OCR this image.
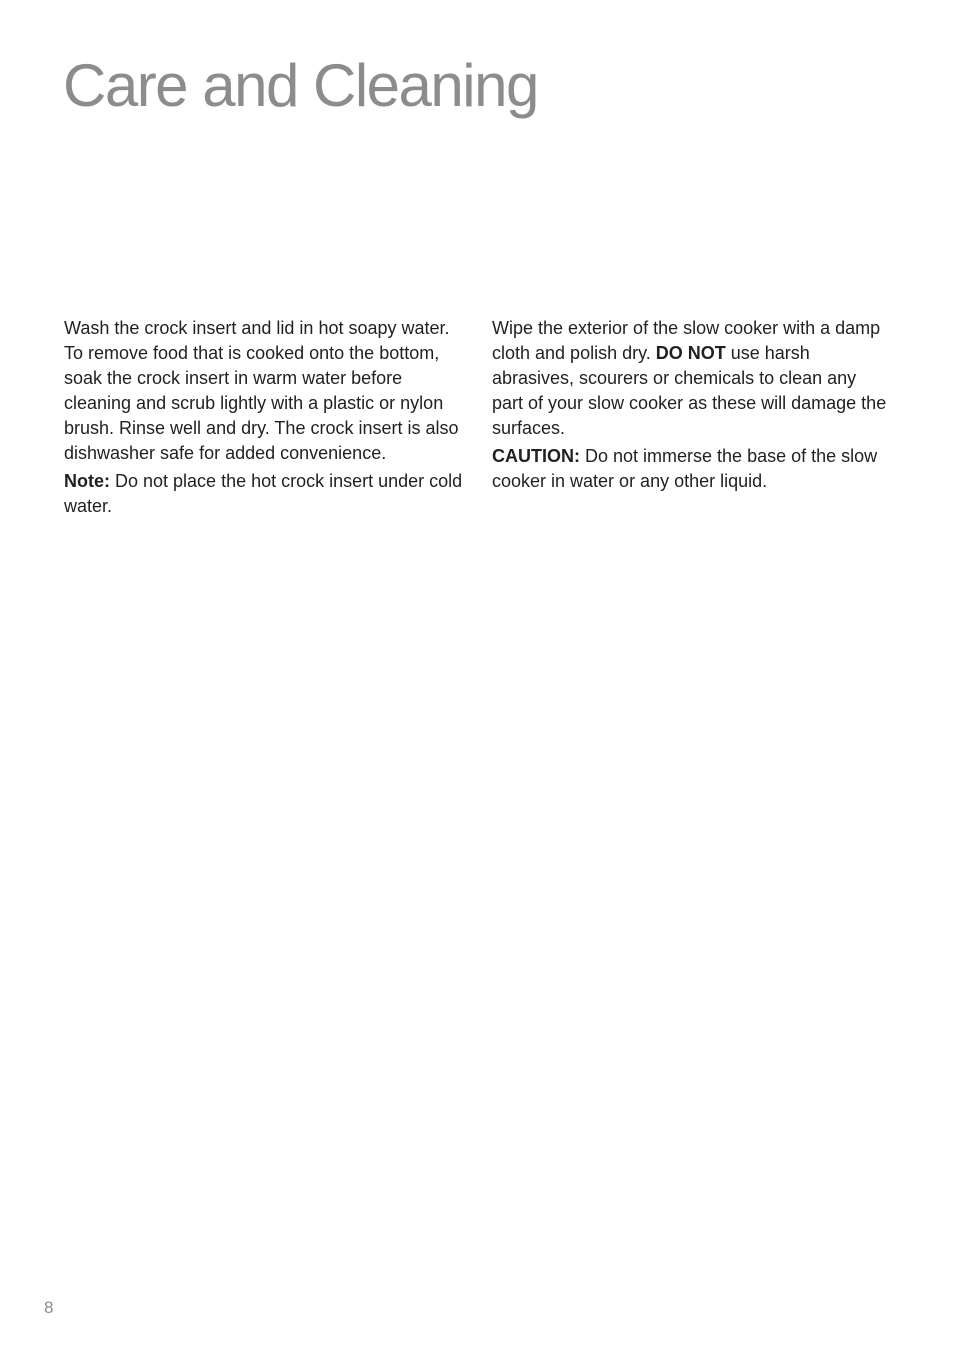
Care and Cleaning

Wash the crock insert and lid in hot soapy water. To remove food that is cooked onto the bottom, soak the crock insert in warm water before cleaning and scrub lightly with a plastic or nylon brush. Rinse well and dry. The crock insert is also dishwasher safe for added convenience.

Note: Do not place the hot crock insert under cold water.

Wipe the exterior of the slow cooker with a damp cloth and polish dry. DO NOT use harsh abrasives, scourers or chemicals to clean any part of your slow cooker as these will damage the surfaces.

CAUTION: Do not immerse the base of the slow cooker in water or any other liquid.

8
